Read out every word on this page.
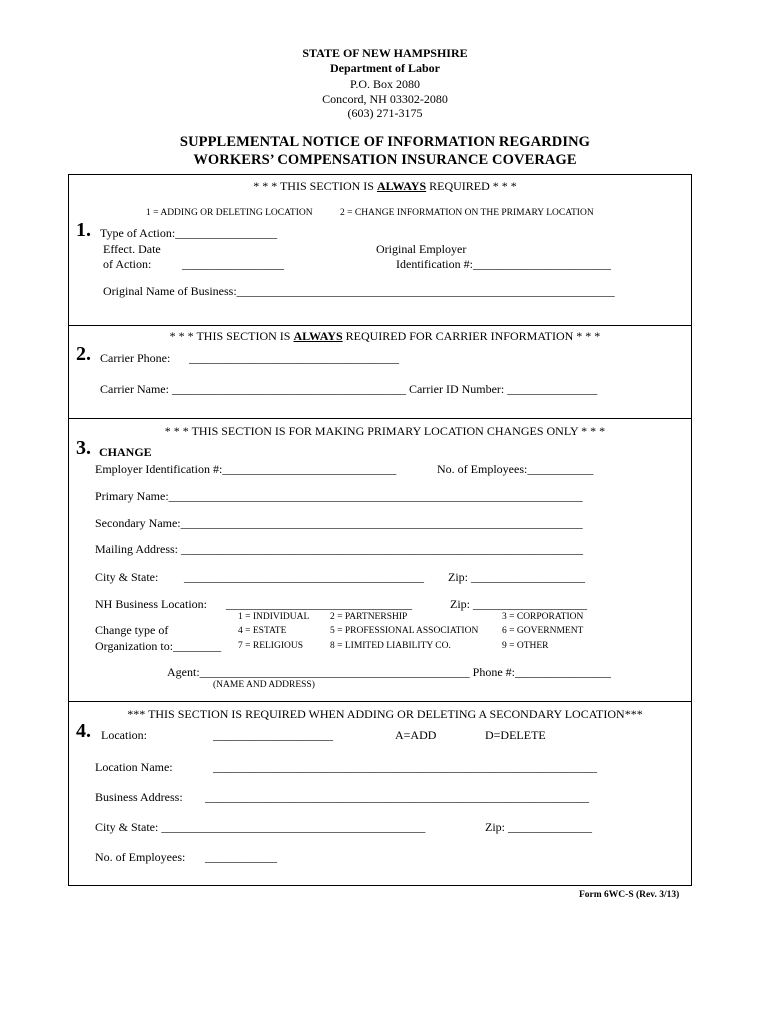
STATE OF NEW HAMPSHIRE
Department of Labor
P.O. Box 2080
Concord, NH 03302-2080
(603) 271-3175
SUPPLEMENTAL NOTICE OF INFORMATION REGARDING
WORKERS’ COMPENSATION INSURANCE COVERAGE
* * * THIS SECTION IS ALWAYS REQUIRED * * *
1 = ADDING OR DELETING LOCATION	2 = CHANGE INFORMATION ON THE PRIMARY LOCATION
1. Type of Action:_________________
Effect. Date
of Action:	_________________
Original Employer
Identification #:_______________________
Original Name of Business:_______________________________________________________________
* * * THIS SECTION IS ALWAYS REQUIRED FOR CARRIER INFORMATION * * *
2. Carrier Phone: ___________________________________
Carrier Name: _______________________________________ Carrier ID Number: _______________
* * * THIS SECTION IS FOR MAKING PRIMARY LOCATION CHANGES ONLY * * *
3. CHANGE
Employer Identification #:_____________________________	No. of Employees:___________
Primary Name:_____________________________________________________________________
Secondary Name:___________________________________________________________________
Mailing Address: ___________________________________________________________________
City & State: ________________________________________ Zip: ___________________
NH Business Location: _______________________________	Zip: ___________________
1 = INDIVIDUAL 2 = PARTNERSHIP	3 = CORPORATION
4 = ESTATE	5 = PROFESSIONAL ASSOCIATION 6 = GOVERNMENT
7 = RELIGIOUS	8 = LIMITED LIABILITY CO.	9 = OTHER
Change type of
Organization to:________
Agent:_____________________________________________ Phone #:________________
(NAME AND ADDRESS)
*** THIS SECTION IS REQUIRED WHEN ADDING OR DELETING A SECONDARY LOCATION***
4. Location:	____________________	A=ADD	D=DELETE
Location Name:	________________________________________________________________
Business Address: ________________________________________________________________
City & State: ____________________________________________	Zip: ______________
No. of Employees: ____________
Form 6WC-S (Rev. 3/13)
